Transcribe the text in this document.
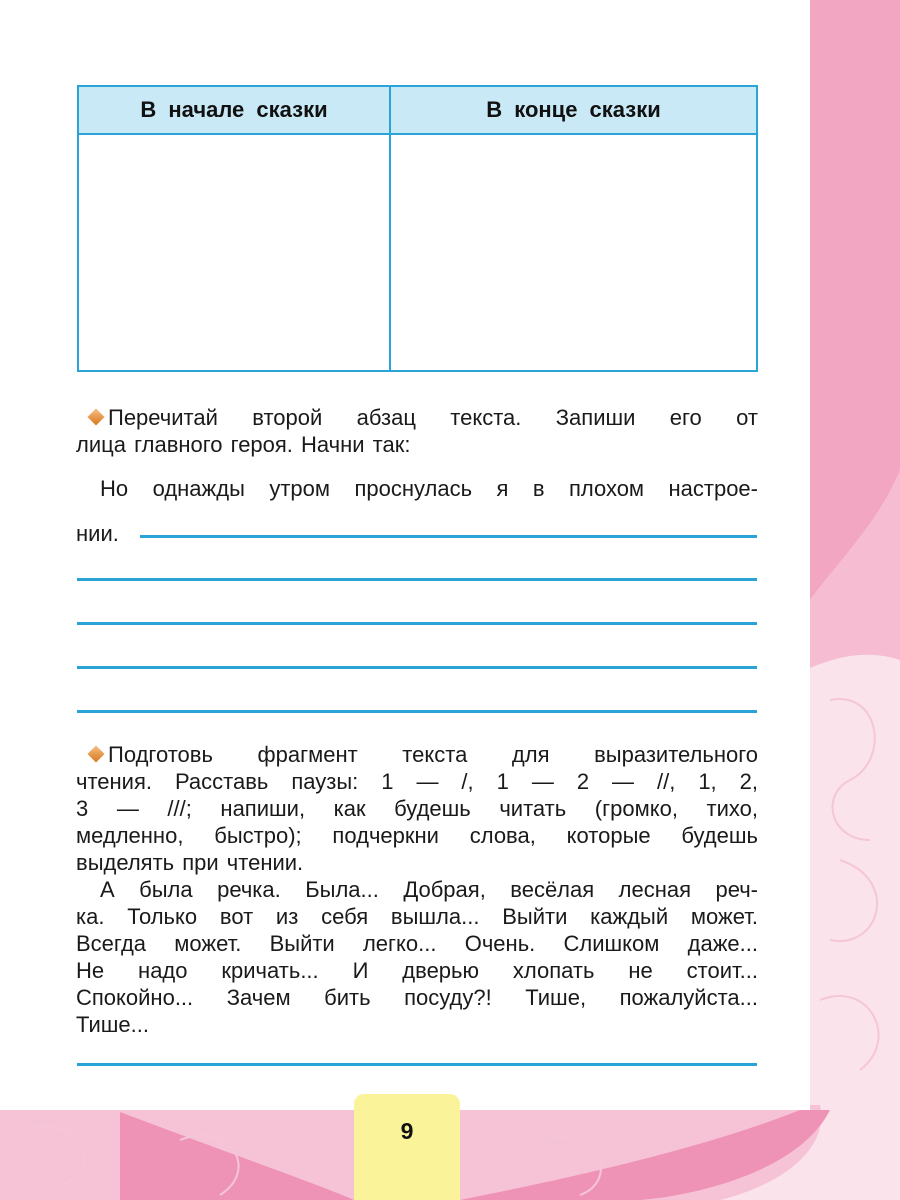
В начале сказки	В конце сказки

Перечитай второй абзац текста. Запиши его от

лица главного героя. Начни так:

Но однажды утром проснулась я в плохом настрое-

нии.

Подготовь фрагмент текста для выразительного

чтения. Расставь паузы: 1 — /, 1 — 2 — //, 1, 2,

3 — ///; напиши, как будешь читать (громко, тихо,

медленно, быстро); подчеркни слова, которые будешь

выделять при чтении.

А была речка. Была... Добрая, весёлая лесная реч-

ка. Только вот из себя вышла... Выйти каждый может.

Всегда может. Выйти легко... Очень. Слишком даже...

Не надо кричать... И дверью хлопать не стоит...

Спокойно... Зачем бить посуду?! Тише, пожалуйста...

Тише...

9
